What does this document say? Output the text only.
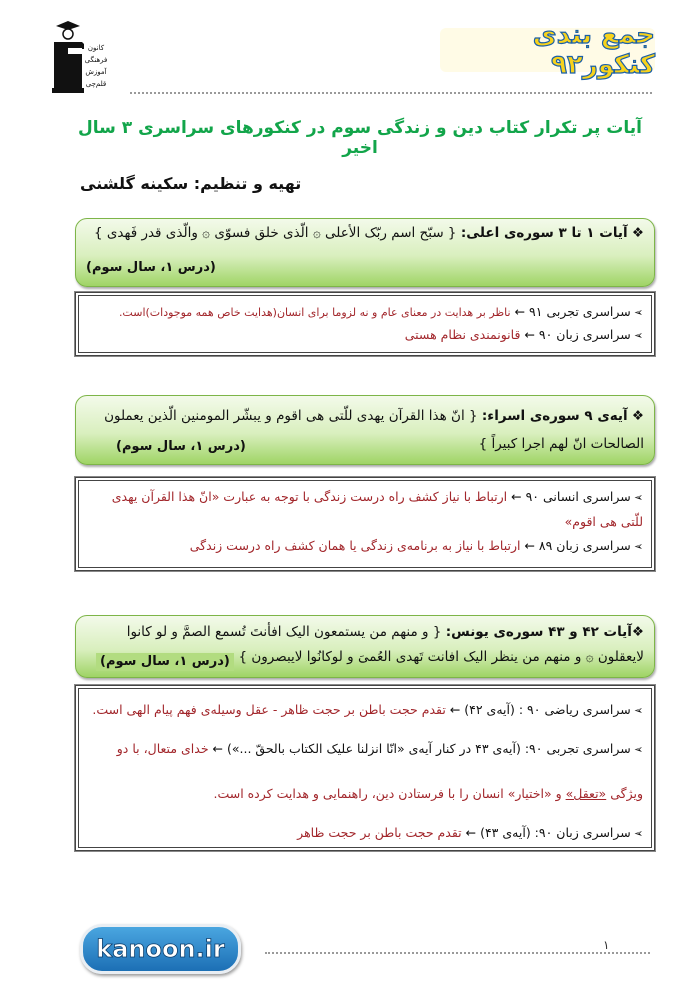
کانون فرهنگی آموزش قلم‌چی
جمع بندی کنکور۹۲
آیات پر تکرار کتاب دین و زندگی سوم در کنکورهای سراسری ۳ سال اخیر
تهیه و تنظیم: سکینه گلشنی
❖ آیات ۱ تا ۳ سوره‌ی اعلی: { سبّح اسم ربّک الأعلی ۞ الّذی خلق فسوّی ۞ والّذی قدر فَهدی }
(درس ۱، سال سوم)
➢سراسری تجربی ۹۱ ← ناظر بر هدایت در معنای عام و نه لزوما برای انسان(هدایت خاص همه موجودات)است.
➢سراسری زبان ۹۰ ← قانونمندی نظام هستی
❖ آیه‌ی ۹ سوره‌ی اسراء: { انّ هذا القرآن یهدی للّتی هی اقوم و یبشّر المومنین الّذین یعملون الصالحات انّ لهم اجرا کبیراً }
(درس ۱، سال سوم)
➢سراسری انسانی ۹۰ ← ارتباط با نیاز کشف راه درست زندگی با توجه به عبارت «انّ هذا القرآن یهدی للّتی هی اقوم»
➢سراسری زبان ۸۹ ← ارتباط با نیاز به برنامه‌ی زندگی یا همان کشف راه درست زندگی
❖آیات ۴۲ و ۴۳ سوره‌ی یونس: { و منهم من یستمعون الیک افأنتَ تُسمع الصمَّ و لو کانوا لایعقلون ۞ و منهم من ینظر الیک افانت تَهدی العُمیَ و لوکانُوا لایبصرون }
(درس ۱، سال سوم)
➢سراسری ریاضی ۹۰ : (آیه‌ی ۴۲) ← تقدم حجت باطن بر حجت ظاهر - عقل وسیله‌ی فهم پیام الهی است.
➢سراسری تجربی ۹۰: (آیه‌ی ۴۳ در کنار آیه‌ی «انّا انزلنا علیک الکتاب بالحقّ ...») ← خدای متعال، با دو ویژگی «تعقل» و «اختیار» انسان را با فرستادن دین، راهنمایی و هدایت کرده است.
➢سراسری زبان ۹۰: (آیه‌ی ۴۳) ← تقدم حجت باطن بر حجت ظاهر
kanoon.ir	۱
